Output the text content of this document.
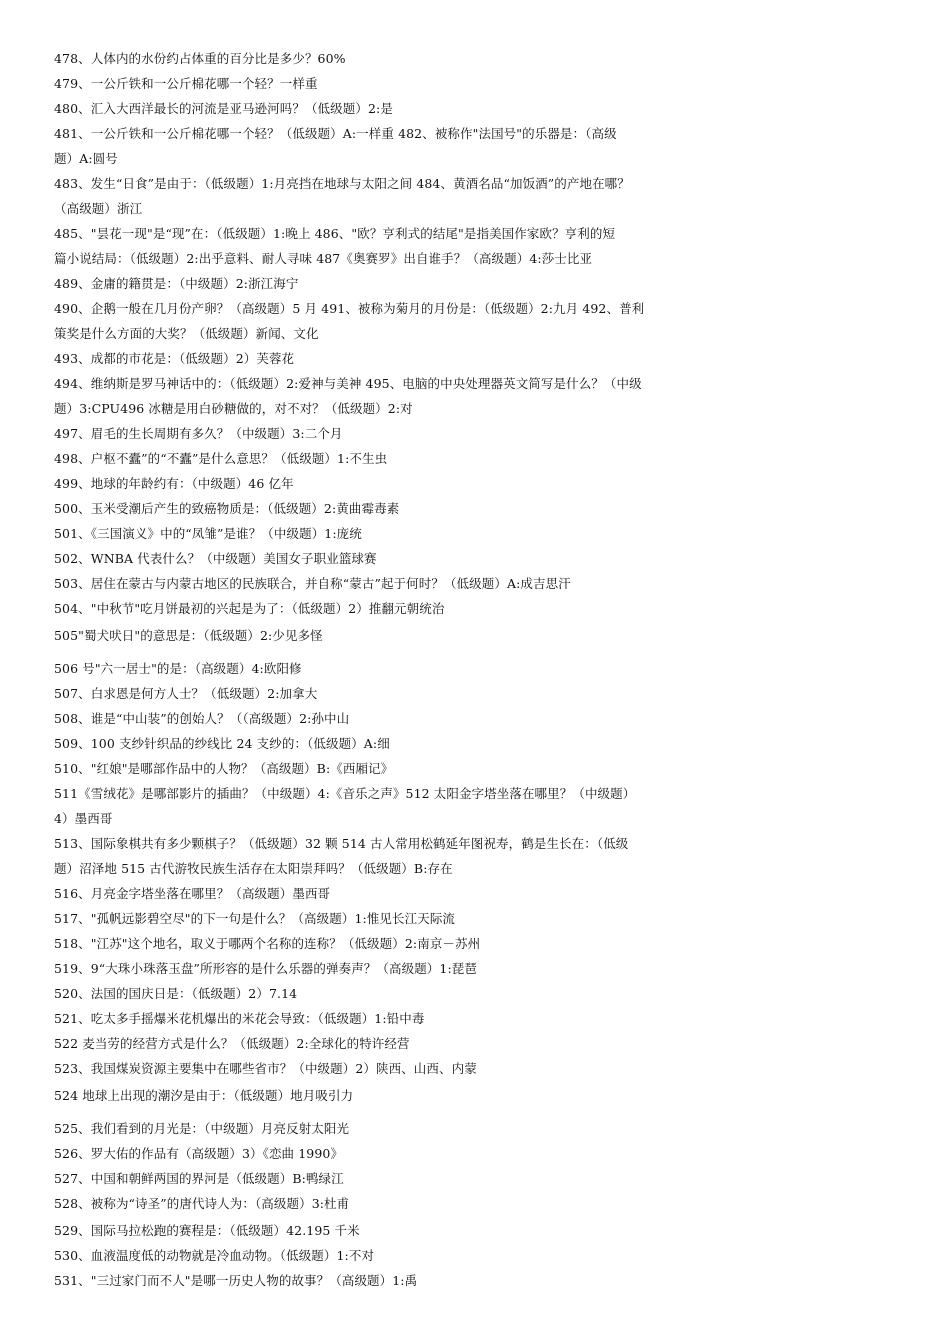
478、人体内的水份约占体重的百分比是多少？60%
479、一公斤铁和一公斤棉花哪一个轻？一样重
480、汇入大西洋最长的河流是亚马逊河吗？（低级题）2:是
481、一公斤铁和一公斤棉花哪一个轻？（低级题）A:一样重 482、被称作"法国号"的乐器是：（高级
题）A:圆号
483、发生“日食”是由于：（低级题）1:月亮挡在地球与太阳之间 484、黄酒名品“加饭酒”的产地在哪？
（高级题）浙江
485、"昙花一现"是“现”在：（低级题）1:晚上 486、"欧？亨利式的结尾"是指美国作家欧？亨利的短
篇小说结局：（低级题）2:出乎意料、耐人寻味 487《奥赛罗》出自谁手？（高级题）4:莎士比亚
489、金庸的籍贯是：（中级题）2:浙江海宁
490、企鹅一般在几月份产卵？（高级题）5 月 491、被称为菊月的月份是：（低级题）2:九月 492、普利
策奖是什么方面的大奖？（低级题）新闻、文化
493、成都的市花是：（低级题）2）芙蓉花
494、维纳斯是罗马神话中的：（低级题）2:爱神与美神 495、电脑的中央处理器英文简写是什么？（中级
题）3:CPU496 冰糖是用白砂糖做的，对不对？（低级题）2:对
497、眉毛的生长周期有多久？（中级题）3:二个月
498、户枢不蠹”的“不蠹”是什么意思？（低级题）1:不生虫
499、地球的年龄约有：（中级题）46 亿年
500、玉米受潮后产生的致癌物质是：（低级题）2:黄曲霉毒素
501、《三国演义》中的“凤雏”是谁？（中级题）1:庞统
502、WNBA 代表什么？（中级题）美国女子职业篮球赛
503、居住在蒙古与内蒙古地区的民族联合，并自称“蒙古”起于何时？（低级题）A:成吉思汗
504、"中秋节"吃月饼最初的兴起是为了：（低级题）2）推翻元朝统治
505"蜀犬吠日"的意思是：（低级题）2:少见多怪
506 号"六一居士"的是：（高级题）4:欧阳修
507、白求恩是何方人士？（低级题）2:加拿大
508、谁是“中山装”的创始人？（（高级题）2:孙中山
509、100 支纱针织品的纱线比 24 支纱的：（低级题）A:细
510、"红娘"是哪部作品中的人物？（高级题）B:《西厢记》
511《雪绒花》是哪部影片的插曲？（中级题）4:《音乐之声》512 太阳金字塔坐落在哪里？（中级题）
4）墨西哥
513、国际象棋共有多少颗棋子？（低级题）32 颗 514 古人常用松鹤延年图祝寿，鹤是生长在：（低级
题）沼泽地 515 古代游牧民族生活存在太阳崇拜吗？（低级题）B:存在
516、月亮金字塔坐落在哪里？（高级题）墨西哥
517、"孤帆远影碧空尽"的下一句是什么？（高级题）1:惟见长江天际流
518、"江苏"这个地名，取义于哪两个名称的连称？（低级题）2:南京－苏州
519、9“大珠小珠落玉盘”所形容的是什么乐器的弹奏声？（高级题）1:琵琶
520、法国的国庆日是：（低级题）2）7.14
521、吃太多手摇爆米花机爆出的米花会导致：（低级题）1:铅中毒
522 麦当劳的经营方式是什么？（低级题）2:全球化的特许经营
523、我国煤炭资源主要集中在哪些省市？（中级题）2）陕西、山西、内蒙
524 地球上出现的潮汐是由于：（低级题）地月吸引力
525、我们看到的月光是：（中级题）月亮反射太阳光
526、罗大佑的作品有（高级题）3）《恋曲 1990》
527、中国和朝鲜两国的界河是（低级题）B:鸭绿江
528、被称为“诗圣”的唐代诗人为：（高级题）3:杜甫
529、国际马拉松跑的赛程是：（低级题）42.195 千米
530、血液温度低的动物就是冷血动物。（低级题）1:不对
531、"三过家门而不人"是哪一历史人物的故事？（高级题）1:禹
